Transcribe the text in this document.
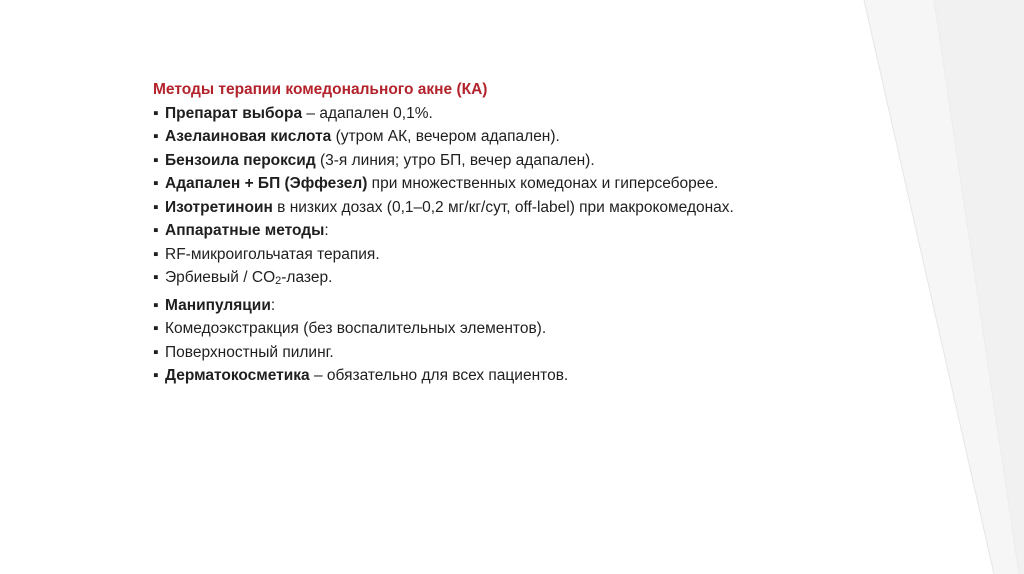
Методы терапии комедонального акне (КА)
▪ Препарат выбора – адапален 0,1%.
▪ Азелаиновая кислота (утром АК, вечером адапален).
▪ Бензоила пероксид (3-я линия; утро БП, вечер адапален).
▪ Адапален + БП (Эффезел) при множественных комедонах и гиперсеборее.
▪ Изотретиноин в низких дозах (0,1–0,2 мг/кг/сут, off-label) при макрокомедонах.
▪ Аппаратные методы:
▪ RF-микроигольчатая терапия.
▪ Эрбиевый / CO2-лазер.
▪ Манипуляции:
▪ Комедоэкстракция (без воспалительных элементов).
▪ Поверхностный пилинг.
▪ Дерматокосметика – обязательно для всех пациентов.
